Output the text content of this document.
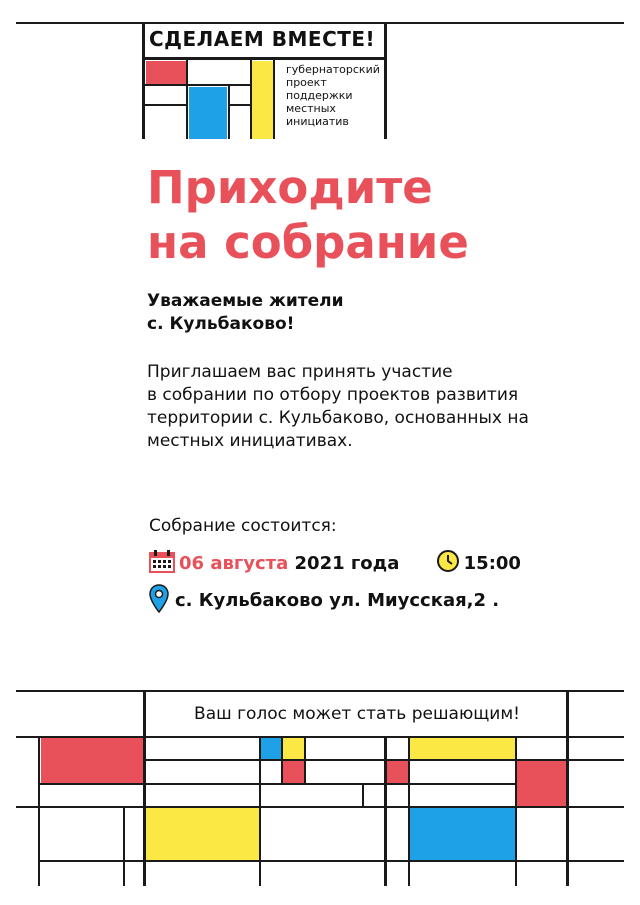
СДЕЛАЕМ ВМЕСТЕ!
губернаторский
проект
поддержки
местных
инициатив
Приходите
на собрание
Уважаемые жители
с. Кульбаково!
Приглашаем вас принять участие
в собрании по отбору проектов развития
территории с. Кульбаково, основанных на
местных инициативах.
Собрание состоится:
06 августа 2021 года	15:00
с. Кульбаково ул. Миусская,2 .
Ваш голос может стать решающим!
